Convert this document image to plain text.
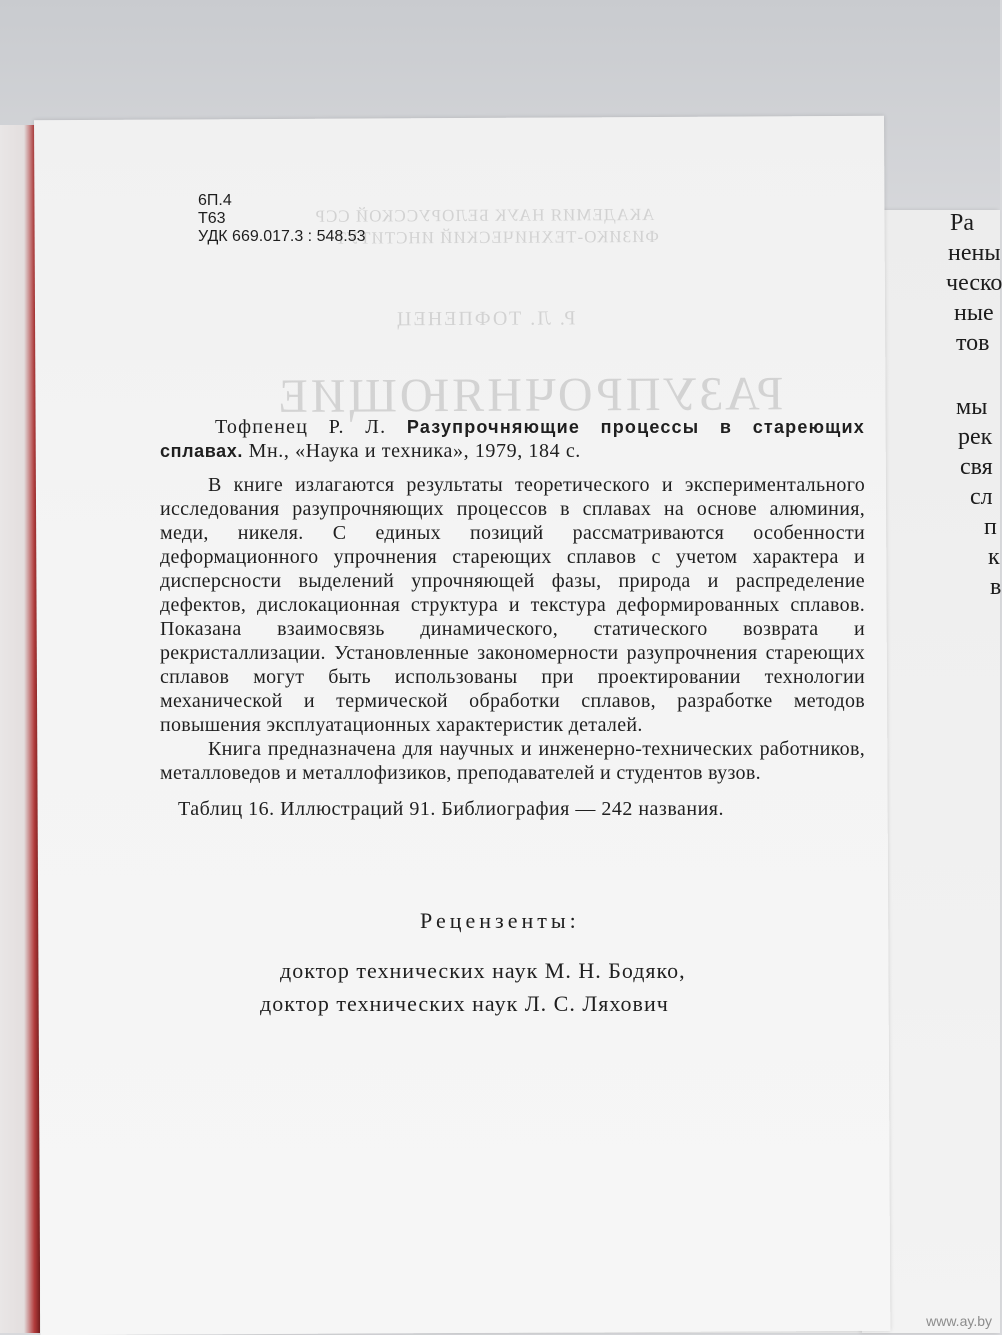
Ра
нены
ческо
ные
тов
мы
рек
свя
сл
п
к
в
АКАДЕМИЯ НАУК БЕЛОРУССКОЙ ССР
ФИЗИКО-ТЕХНИЧЕСКИЙ ИНСТИТУТ
Р. Л. ТОФПЕНЕЦ
РАЗУПРОЧНЯЮЩИЕ
6П.4
Т63
УДК 669.017.3 : 548.53
Тофпенец Р. Л. Разупрочняющие процессы в стареющих
сплавах. Мн., «Наука и техника», 1979, 184 с.
В книге излагаются результаты теоретического и экспериментального исследования разупрочняющих процессов в сплавах на основе алюминия, меди, никеля. С единых позиций рассматриваются особенности деформационного упрочнения стареющих сплавов с учетом характера и дисперсности выделений упрочняющей фазы, природа и распределение дефектов, дислокационная структура и текстура деформированных сплавов. Показана взаимосвязь динамического, статического возврата и рекристаллизации. Установленные закономерности разупрочнения стареющих сплавов могут быть использованы при проектировании технологии механической и термической обработки сплавов, разработке методов повышения эксплуатационных характеристик деталей.
Книга предназначена для научных и инженерно-технических работников, металловедов и металлофизиков, преподавателей и студентов вузов.
Таблиц 16. Иллюстраций 91. Библиография — 242 названия.
Рецензенты:
доктор технических наук М. Н. Бодяко,
доктор технических наук Л. С. Ляхович
www.ay.by
